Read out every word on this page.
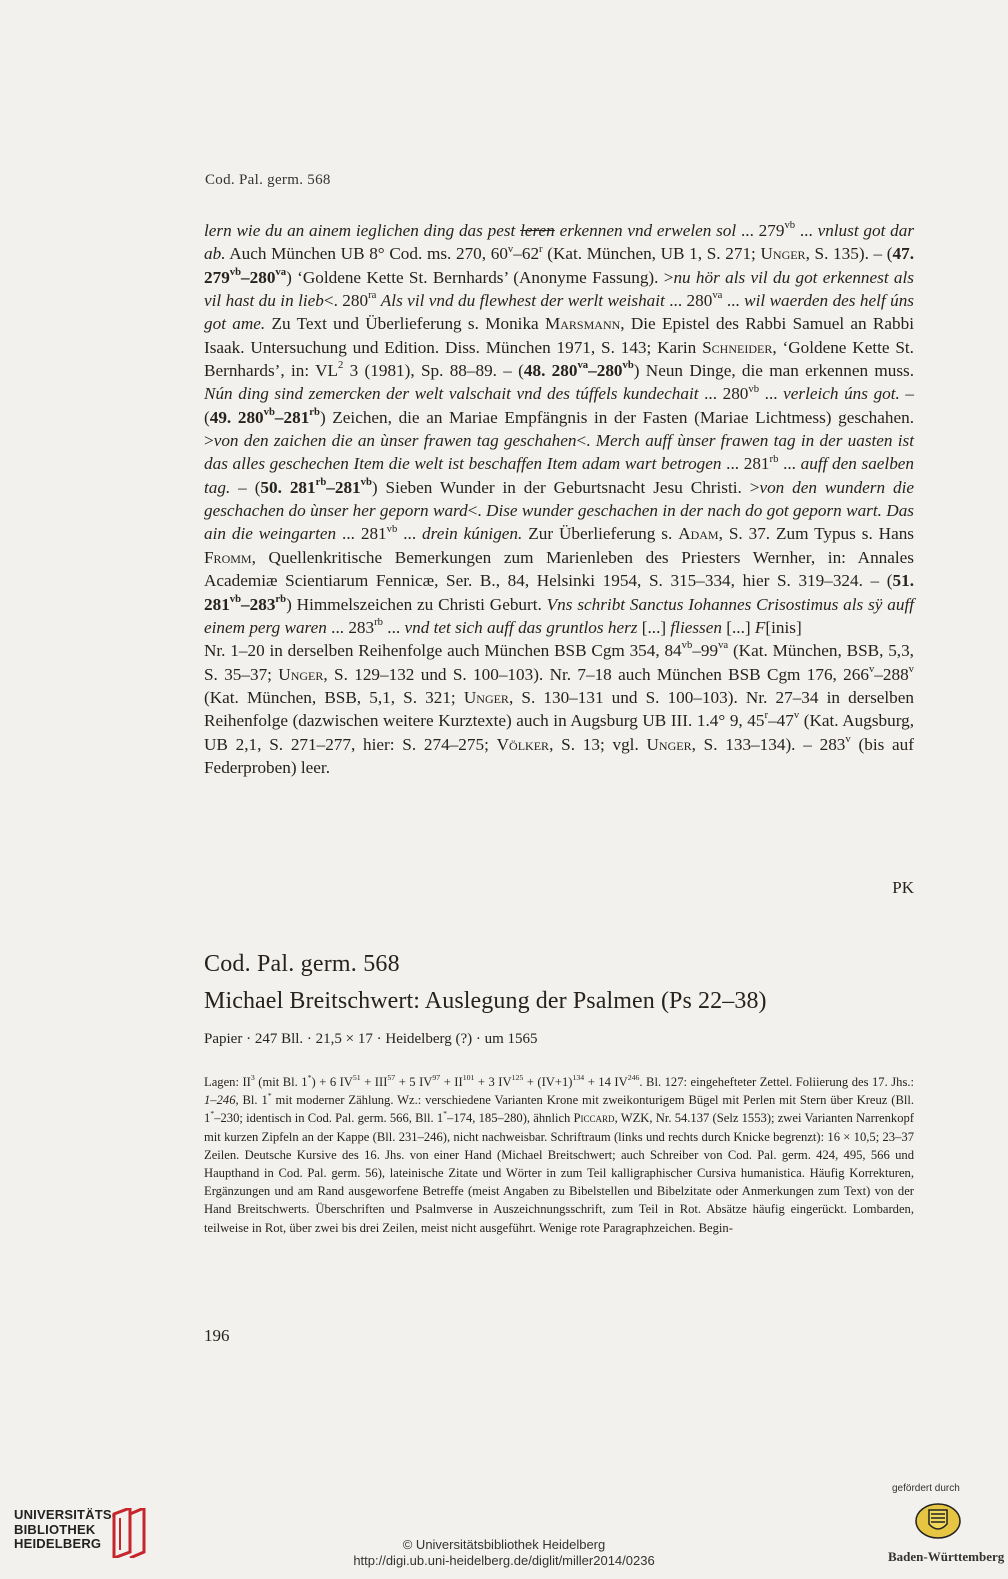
Cod. Pal. germ. 568

lern wie du an ainem ieglichen ding das pest leren erkennen vnd erwelen sol ... $279^{vb}$ ... vnlust got dar ab. Auch München UB 8° Cod. ms. 270, 60$^v$–62$^r$ (Kat. München, UB 1, S. 271; Unger, S. 135). – (47. $279^{vb}-280^{va}$) ‘Goldene Kette St. Bernhards’ (Anonyme Fassung). >nu hör als vil du got erkennest als vil hast du in lieb<. $280^{ra}$ Als vil vnd du flewhest der werlt weishait ... $280^{va}$ ... wil waerden des helf úns got ame. Zu Text und Überlieferung s. Monika Marsmann, Die Epistel des Rabbi Samuel an Rabbi Isaak. Untersuchung und Edition. Diss. München 1971, S. 143; Karin Schneider, ‘Goldene Kette St. Bernhards’, in: $VL^2$ 3 (1981), Sp. 88–89. – (48. $280^{va}-280^{vb}$) Neun Dinge, die man erkennen muss. Nún ding sind zemercken der welt valschait vnd des túffels kundechait ... $280^{vb}$ ... verleich úns got. – (49. $280^{vb}-281^{rb}$) Zeichen, die an Mariae Empfängnis in der Fasten (Mariae Lichtmess) geschahen. >von den zaichen die an ùnser frawen tag geschahen<. Merch auff ùnser frawen tag in der uasten ist das alles geschechen Item die welt ist beschaffen Item adam wart betrogen ... $281^{rb}$ ... auff den saelben tag. – (50. $281^{rb}-281^{vb}$) Sieben Wunder in der Geburtsnacht Jesu Christi. >von den wundern die geschachen do ùnser her geporn ward<. Dise wunder geschachen in der nach do got geporn wart. Das ain die weingarten ... $281^{vb}$ ... drein kúnigen. Zur Überlieferung s. Adam, S. 37. Zum Typus s. Hans Fromm, Quellenkritische Bemerkungen zum Marienleben des Priesters Wernher, in: Annales Academiæ Scientiarum Fennicæ, Ser. B., 84, Helsinki 1954, S. 315–334, hier S. 319–324. – (51. $281^{vb}-283^{rb}$) Himmelszeichen zu Christi Geburt. Vns schribt Sanctus Iohannes Crisostimus als sÿ auff einem perg waren ... $283^{rb}$ ... vnd tet sich auff das gruntlos herz [...] fliessen [...] F[inis]

Nr. 1–20 in derselben Reihenfolge auch München BSB Cgm 354, $84^{vb}-99^{va}$ (Kat. München, BSB, 5,3, S. 35–37; Unger, S. 129–132 und S. 100–103). Nr. 7–18 auch München BSB Cgm 176, 266$^v$–288$^v$ (Kat. München, BSB, 5,1, S. 321; Unger, S. 130–131 und S. 100–103). Nr. 27–34 in derselben Reihenfolge (dazwischen weitere Kurztexte) auch in Augsburg UB III. 1.4° 9, 45$^r$–47$^v$ (Kat. Augsburg, UB 2,1, S. 271–277, hier: S. 274–275; Völker, S. 13; vgl. Unger, S. 133–134). – 283$^v$ (bis auf Federproben) leer.

PK
Cod. Pal. germ. 568
Michael Breitschwert: Auslegung der Psalmen (Ps 22–38)
Papier · 247 Bll. · 21,5 × 17 · Heidelberg (?) · um 1565

Lagen: $II^3$ (mit Bl. 1*) + 6 $IV^{51} + III^{57} + 5$ $IV^{97} + II^{101} + 3$ $IV^{125} + (IV+1)^{134} + 14$ IV$^{246}$. Bl. 127: eingehefteter Zettel. Foliierung des 17. Jhs.: 1–246, Bl. 1* mit moderner Zählung. Wz.: verschiedene Varianten Krone mit zweikonturigem Bügel mit Perlen mit Stern über Kreuz (Bll. 1*–230; identisch in Cod. Pal. germ. 566, Bll. 1*–174, 185–280), ähnlich Piccard, WZK, Nr. 54.137 (Selz 1553); zwei Varianten Narrenkopf mit kurzen Zipfeln an der Kappe (Bll. 231–246), nicht nachweisbar. Schriftraum (links und rechts durch Knicke begrenzt): 16 × 10,5; 23–37 Zeilen. Deutsche Kursive des 16. Jhs. von einer Hand (Michael Breitschwert; auch Schreiber von Cod. Pal. germ. 424, 495, 566 und Haupthand in Cod. Pal. germ. 56), lateinische Zitate und Wörter in zum Teil kalligraphischer Cursiva humanistica. Häufig Korrekturen, Ergänzungen und am Rand ausgeworfene Betreffe (meist Angaben zu Bibelstellen und Bibelzitate oder Anmerkungen zum Text) von der Hand Breitschwerts. Überschriften und Psalmverse in Auszeichnungsschrift, zum Teil in Rot. Absätze häufig eingerückt. Lombarden, teilweise in Rot, über zwei bis drei Zeilen, meist nicht ausgeführt. Wenige rote Paragraphzeichen. Begin-

196
UNIVERSITÄTS-
BIBLIOTHEK
HEIDELBERG	© Universitätsbibliothek Heidelberg
http://digi.ub.uni-heidelberg.de/diglit/miller2014/0236
gefördert durch
Baden-Württemberg
